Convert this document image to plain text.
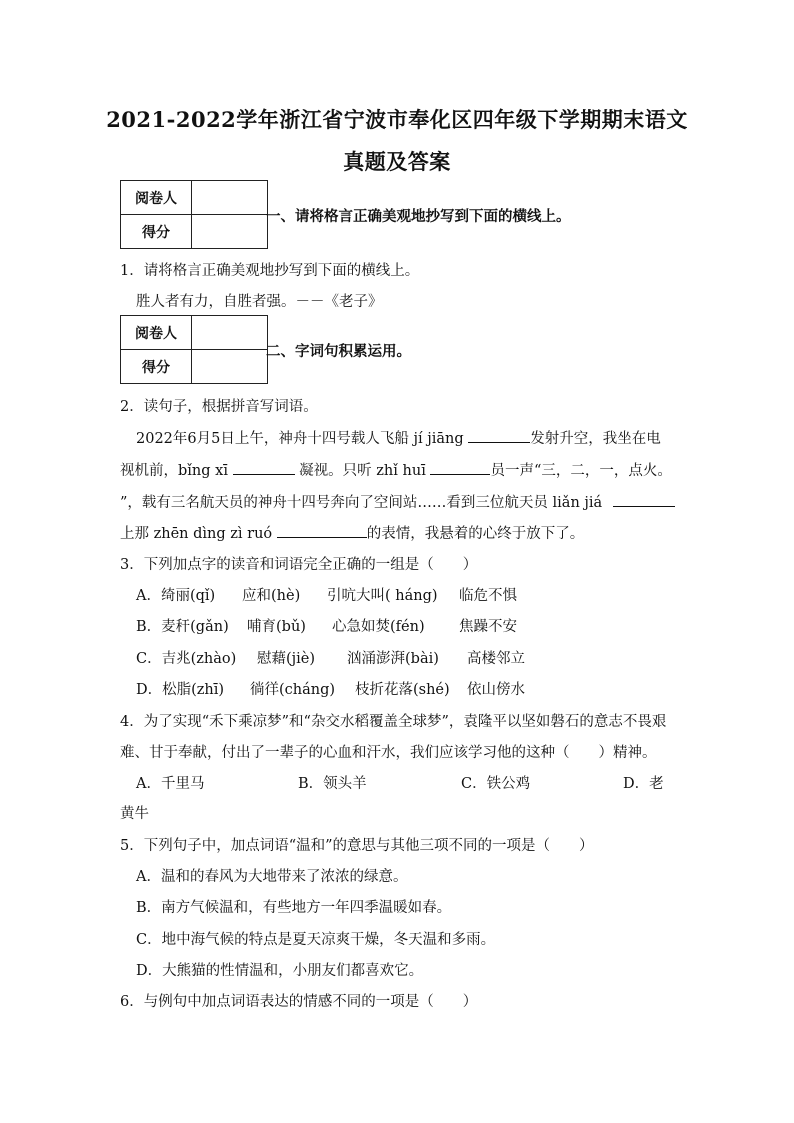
2021-2022学年浙江省宁波市奉化区四年级下学期期末语文
真题及答案
阅卷人	
得分	
一、请将格言正确美观地抄写到下面的横线上。
1．请将格言正确美观地抄写到下面的横线上。
胜人者有力，自胜者强。－－《老子》
阅卷人	
得分	
二、字词句积累运用。
2．读句子，根据拼音写词语。
2022年6月5日上午，神舟十四号载人飞船 jí jiāng	发射升空，我坐在电
视机前，bǐng xī	凝视。只听 zhǐ huī	员一声“三，二，一，点火。
”，载有三名航天员的神舟十四号奔向了空间站……看到三位航天员 liǎn jiá
上那 zhēn dìng zì ruó	的表情，我悬着的心终于放下了。
3．下列加点字的读音和词语完全正确的一组是（　　）
A．绮丽(qǐ) 应和(hè) 引吭大叫( háng) 临危不惧
B．麦秆(gǎn) 哺育(bǔ) 心急如焚(fén) 焦躁不安
C．吉兆(zhào) 慰藉(jiè) 汹涌澎湃(bài) 高楼邻立
D．松脂(zhī) 徜徉(cháng) 枝折花落(shé) 依山傍水
4．为了实现“禾下乘凉梦”和“杂交水稻覆盖全球梦”，袁隆平以坚如磐石的意志不畏艰
难、甘于奉献，付出了一辈子的心血和汗水，我们应该学习他的这种（　　）精神。
A．千里马	B．领头羊	C．铁公鸡	D．老
黄牛
5．下列句子中，加点词语“温和”的意思与其他三项不同的一项是（　　）
A．温和的春风为大地带来了浓浓的绿意。
B．南方气候温和，有些地方一年四季温暖如春。
C．地中海气候的特点是夏天凉爽干燥，冬天温和多雨。
D．大熊猫的性情温和，小朋友们都喜欢它。
6．与例句中加点词语表达的情感不同的一项是（　　）
